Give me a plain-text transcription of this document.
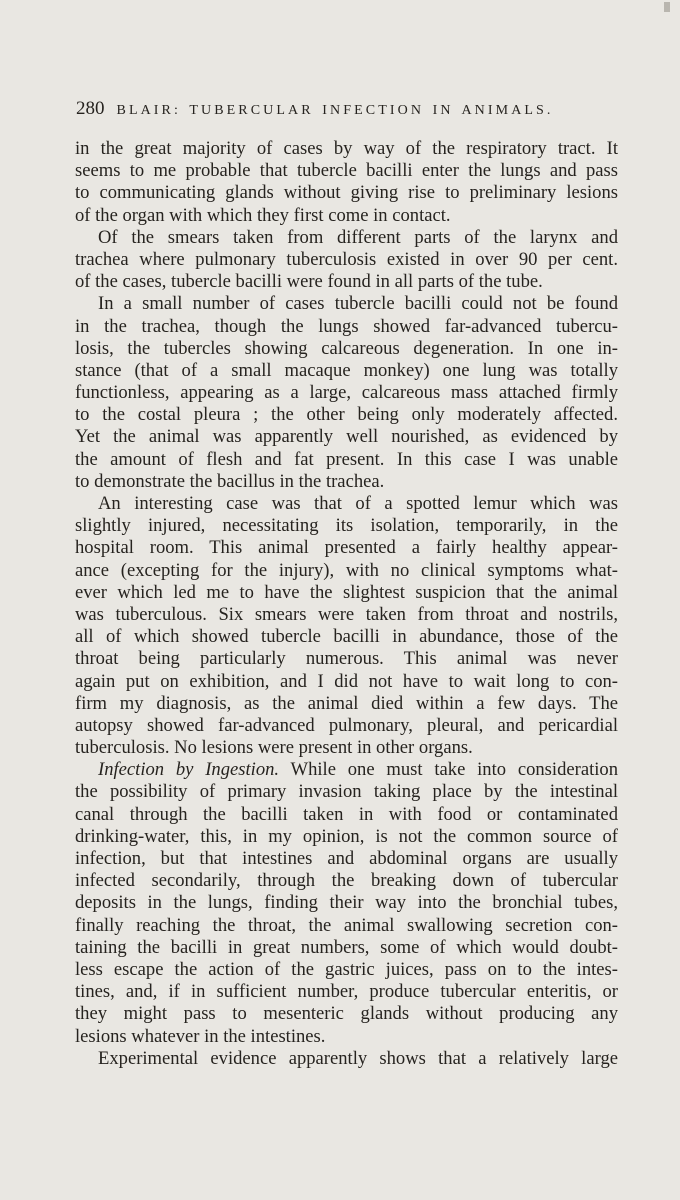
280 BLAIR: TUBERCULAR INFECTION IN ANIMALS.
in the great majority of cases by way of the respiratory tract. It
seems to me probable that tubercle bacilli enter the lungs and pass
to communicating glands without giving rise to preliminary lesions
of the organ with which they first come in contact.
Of the smears taken from different parts of the larynx and
trachea where pulmonary tuberculosis existed in over 90 per cent.
of the cases, tubercle bacilli were found in all parts of the tube.
In a small number of cases tubercle bacilli could not be found
in the trachea, though the lungs showed far-advanced tubercu-
losis, the tubercles showing calcareous degeneration. In one in-
stance (that of a small macaque monkey) one lung was totally
functionless, appearing as a large, calcareous mass attached firmly
to the costal pleura ; the other being only moderately affected.
Yet the animal was apparently well nourished, as evidenced by
the amount of flesh and fat present. In this case I was unable
to demonstrate the bacillus in the trachea.
An interesting case was that of a spotted lemur which was
slightly injured, necessitating its isolation, temporarily, in the
hospital room. This animal presented a fairly healthy appear-
ance (excepting for the injury), with no clinical symptoms what-
ever which led me to have the slightest suspicion that the animal
was tuberculous. Six smears were taken from throat and nostrils,
all of which showed tubercle bacilli in abundance, those of the
throat being particularly numerous. This animal was never
again put on exhibition, and I did not have to wait long to con-
firm my diagnosis, as the animal died within a few days. The
autopsy showed far-advanced pulmonary, pleural, and pericardial
tuberculosis. No lesions were present in other organs.
Infection by Ingestion. While one must take into consideration
the possibility of primary invasion taking place by the intestinal
canal through the bacilli taken in with food or contaminated
drinking-water, this, in my opinion, is not the common source of
infection, but that intestines and abdominal organs are usually
infected secondarily, through the breaking down of tubercular
deposits in the lungs, finding their way into the bronchial tubes,
finally reaching the throat, the animal swallowing secretion con-
taining the bacilli in great numbers, some of which would doubt-
less escape the action of the gastric juices, pass on to the intes-
tines, and, if in sufficient number, produce tubercular enteritis, or
they might pass to mesenteric glands without producing any
lesions whatever in the intestines.
Experimental evidence apparently shows that a relatively large
